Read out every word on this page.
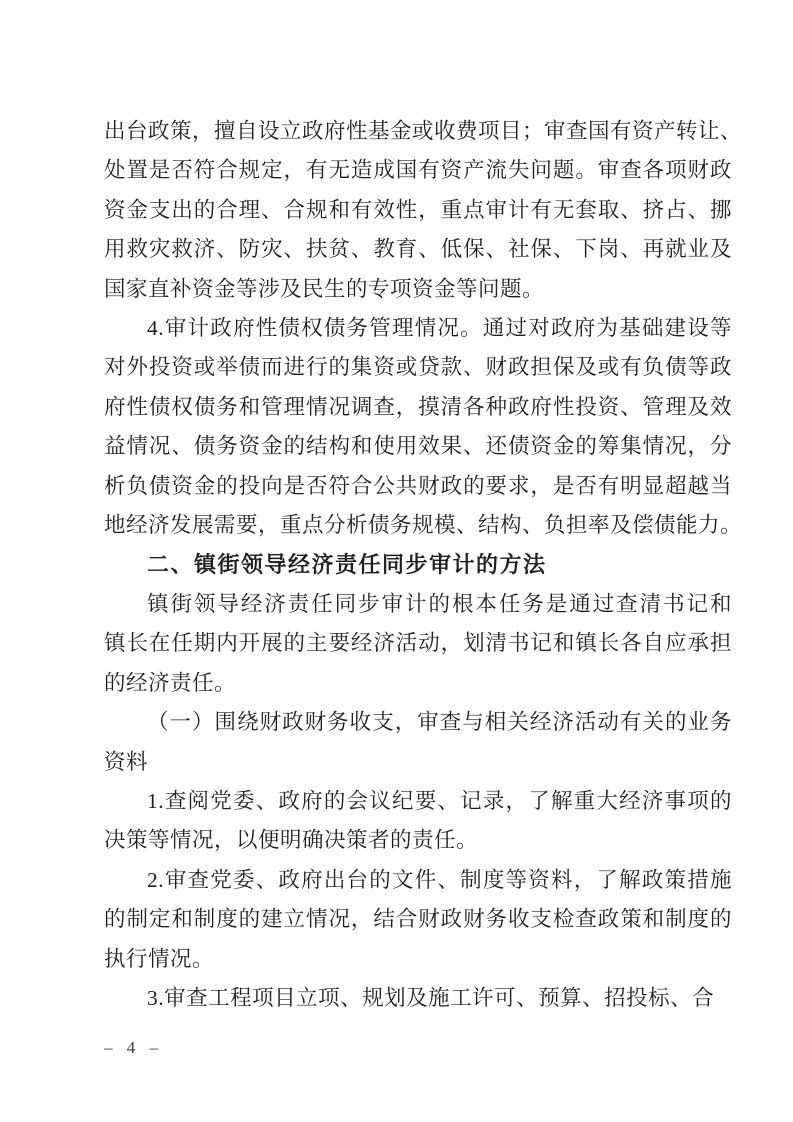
出台政策，擅自设立政府性基金或收费项目；审查国有资产转让、
处置是否符合规定，有无造成国有资产流失问题。审查各项财政
资金支出的合理、合规和有效性，重点审计有无套取、挤占、挪
用救灾救济、防灾、扶贫、教育、低保、社保、下岗、再就业及
国家直补资金等涉及民生的专项资金等问题。
4.审计政府性债权债务管理情况。通过对政府为基础建设等
对外投资或举债而进行的集资或贷款、财政担保及或有负债等政
府性债权债务和管理情况调查，摸清各种政府性投资、管理及效
益情况、债务资金的结构和使用效果、还债资金的筹集情况，分
析负债资金的投向是否符合公共财政的要求，是否有明显超越当
地经济发展需要，重点分析债务规模、结构、负担率及偿债能力。
二、镇街领导经济责任同步审计的方法
镇街领导经济责任同步审计的根本任务是通过查清书记和
镇长在任期内开展的主要经济活动，划清书记和镇长各自应承担
的经济责任。
（一）围绕财政财务收支，审查与相关经济活动有关的业务
资料
1.查阅党委、政府的会议纪要、记录，了解重大经济事项的
决策等情况，以便明确决策者的责任。
2.审查党委、政府出台的文件、制度等资料，了解政策措施
的制定和制度的建立情况，结合财政财务收支检查政策和制度的
执行情况。
3.审查工程项目立项、规划及施工许可、预算、招投标、合
– 4 –
